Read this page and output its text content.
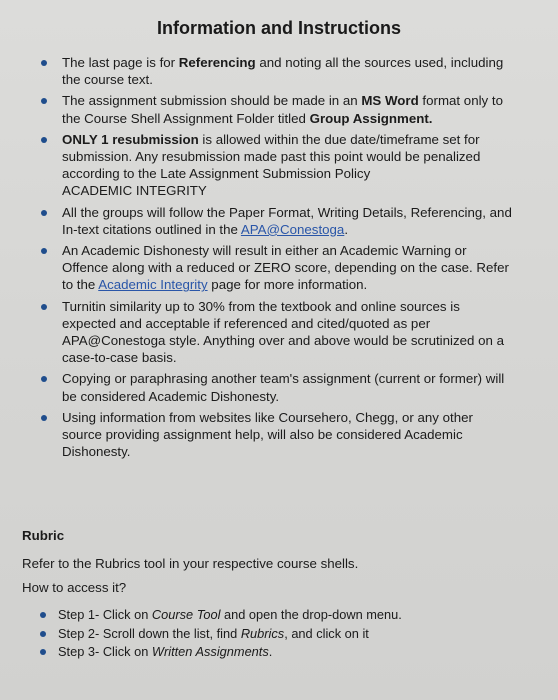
Information and Instructions
The last page is for Referencing and noting all the sources used, including the course text.
The assignment submission should be made in an MS Word format only to the Course Shell Assignment Folder titled Group Assignment.
ONLY 1 resubmission is allowed within the due date/timeframe set for submission. Any resubmission made past this point would be penalized according to the Late Assignment Submission Policy
ACADEMIC INTEGRITY
All the groups will follow the Paper Format, Writing Details, Referencing, and In-text citations outlined in the APA@Conestoga.
An Academic Dishonesty will result in either an Academic Warning or Offence along with a reduced or ZERO score, depending on the case. Refer to the Academic Integrity page for more information.
Turnitin similarity up to 30% from the textbook and online sources is expected and acceptable if referenced and cited/quoted as per APA@Conestoga style. Anything over and above would be scrutinized on a case-to-case basis.
Copying or paraphrasing another team's assignment (current or former) will be considered Academic Dishonesty.
Using information from websites like Coursehero, Chegg, or any other source providing assignment help, will also be considered Academic Dishonesty.

Rubric

Refer to the Rubrics tool in your respective course shells.

How to access it?

Step 1- Click on Course Tool and open the drop-down menu.
Step 2- Scroll down the list, find Rubrics, and click on it
Step 3- Click on Written Assignments.
